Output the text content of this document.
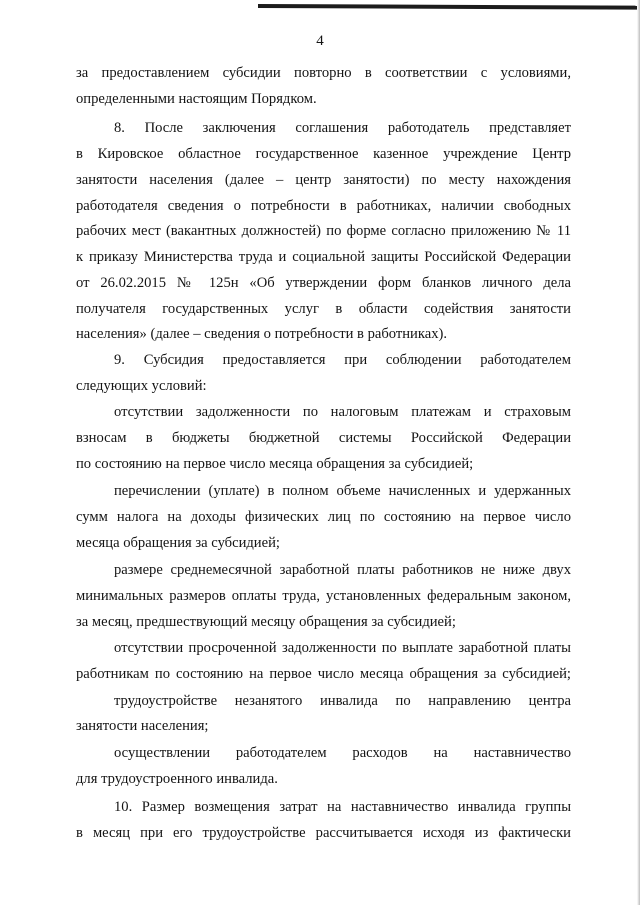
4
за предоставлением субсидии повторно в соответствии с условиями,
определенными настоящим Порядком.
8. После заключения соглашения работодатель представляет
в Кировское областное государственное казенное учреждение Центр
занятости населения (далее – центр занятости) по месту нахождения
работодателя сведения о потребности в работниках, наличии свободных
рабочих мест (вакантных должностей) по форме согласно приложению № 11
к приказу Министерства труда и социальной защиты Российской Федерации
от 26.02.2015 № 125н «Об утверждении форм бланков личного дела
получателя государственных услуг в области содействия занятости
населения» (далее – сведения о потребности в работниках).
9. Субсидия предоставляется при соблюдении работодателем
следующих условий:
отсутствии задолженности по налоговым платежам и страховым
взносам в бюджеты бюджетной системы Российской Федерации
по состоянию на первое число месяца обращения за субсидией;
перечислении (уплате) в полном объеме начисленных и удержанных
сумм налога на доходы физических лиц по состоянию на первое число
месяца обращения за субсидией;
размере среднемесячной заработной платы работников не ниже двух
минимальных размеров оплаты труда, установленных федеральным законом,
за месяц, предшествующий месяцу обращения за субсидией;
отсутствии просроченной задолженности по выплате заработной платы
работникам по состоянию на первое число месяца обращения за субсидией;
трудоустройстве незанятого инвалида по направлению центра
занятости населения;
осуществлении работодателем расходов на наставничество
для трудоустроенного инвалида.
10. Размер возмещения затрат на наставничество инвалида группы
в месяц при его трудоустройстве рассчитывается исходя из фактически
